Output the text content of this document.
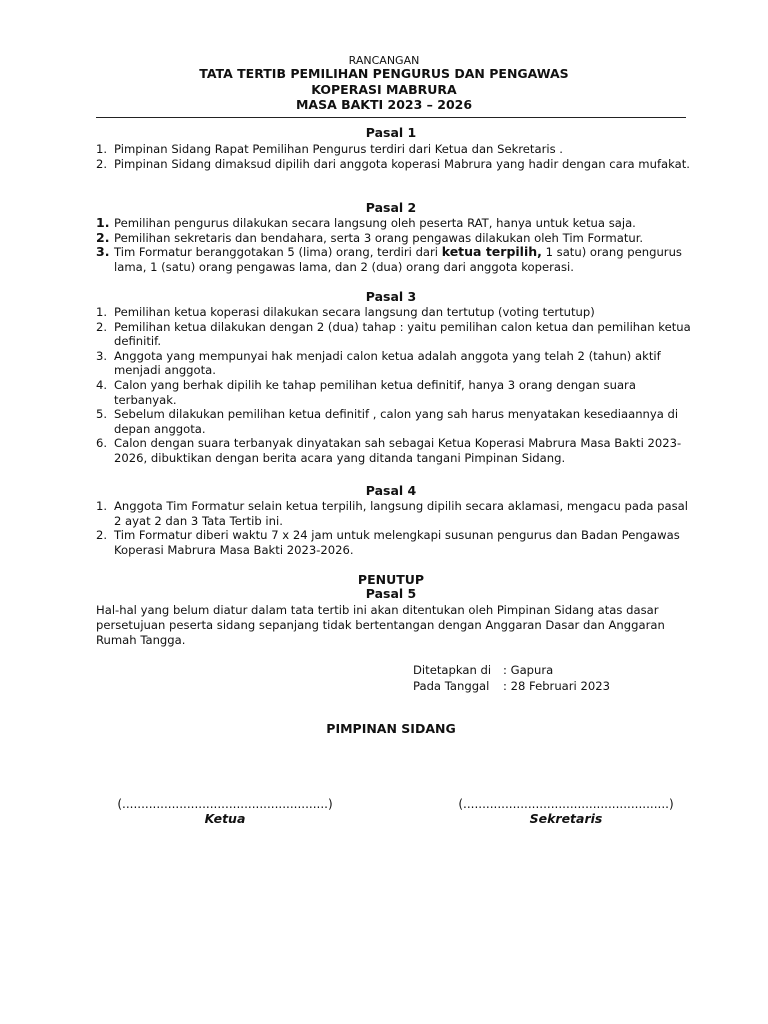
RANCANGAN
TATA TERTIB PEMILIHAN PENGURUS DAN PENGAWAS
KOPERASI MABRURA
MASA BAKTI 2023 – 2026
Pasal 1
1. Pimpinan Sidang Rapat Pemilihan Pengurus terdiri dari Ketua dan Sekretaris .
2. Pimpinan Sidang dimaksud dipilih dari anggota koperasi Mabrura yang hadir dengan cara mufakat.
Pasal 2
1. Pemilihan pengurus dilakukan secara langsung oleh peserta RAT, hanya untuk ketua saja.
2. Pemilihan sekretaris dan bendahara, serta 3 orang pengawas dilakukan oleh Tim Formatur.
3. Tim Formatur beranggotakan 5 (lima) orang, terdiri dari ketua terpilih, 1 satu) orang pengurus lama, 1 (satu) orang pengawas lama, dan 2 (dua) orang dari anggota koperasi.
Pasal 3
1. Pemilihan ketua koperasi dilakukan secara langsung dan tertutup (voting tertutup)
2. Pemilihan ketua dilakukan dengan 2 (dua) tahap : yaitu pemilihan calon ketua dan pemilihan ketua definitif.
3. Anggota yang mempunyai hak menjadi calon ketua adalah anggota yang telah 2 (tahun) aktif menjadi anggota.
4. Calon yang berhak dipilih ke tahap pemilihan ketua definitif, hanya 3 orang dengan suara terbanyak.
5. Sebelum dilakukan pemilihan ketua definitif , calon yang sah harus menyatakan kesediaannya di depan anggota.
6. Calon dengan suara terbanyak dinyatakan sah sebagai Ketua Koperasi Mabrura Masa Bakti 2023-2026, dibuktikan dengan berita acara yang ditanda tangani Pimpinan Sidang.
Pasal 4
1. Anggota Tim Formatur selain ketua terpilih, langsung dipilih secara aklamasi, mengacu pada pasal 2 ayat 2 dan 3 Tata Tertib ini.
2. Tim Formatur diberi waktu 7 x 24 jam untuk melengkapi susunan pengurus dan Badan Pengawas Koperasi Mabrura Masa Bakti 2023-2026.
PENUTUP
Pasal 5
Hal-hal yang belum diatur dalam tata tertib ini akan ditentukan oleh Pimpinan Sidang atas dasar persetujuan peserta sidang sepanjang tidak bertentangan dengan Anggaran Dasar dan Anggaran Rumah Tangga.
Ditetapkan di : Gapura
Pada Tanggal : 28 Februari 2023
PIMPINAN SIDANG
(......................................................)
Ketua
(......................................................)
Sekretaris
